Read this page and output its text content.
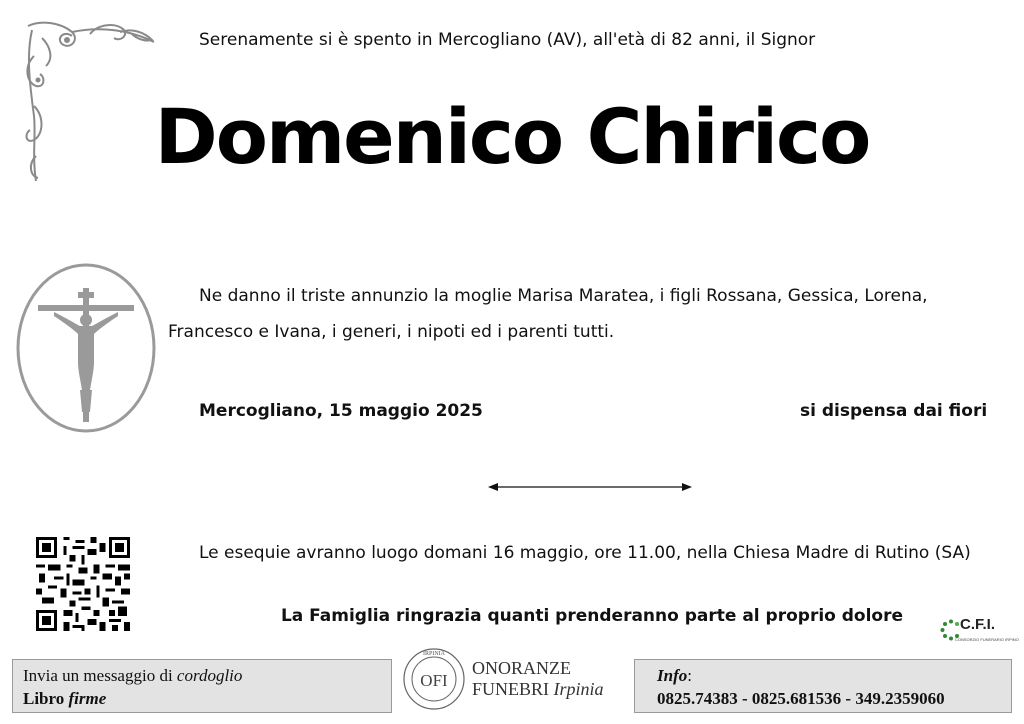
Serenamente si è spento in Mercogliano (AV), all'età di 82 anni, il Signor
Domenico Chirico
Ne danno il triste annunzio la moglie Marisa Maratea, i figli Rossana, Gessica, Lorena, Francesco e Ivana, i generi, i nipoti ed i parenti tutti.
Mercogliano, 15 maggio 2025	si dispensa dai fiori
Le esequie avranno luogo domani 16 maggio, ore 11.00, nella Chiesa Madre di Rutino (SA)
La Famiglia ringrazia quanti prenderanno parte al proprio dolore	C.F.I.
CONSORZIO FUNERARIO IRPINO
Invia un messaggio di cordoglio
Libro firme
OFI
IRPINIA
ONORANZE
FUNEBRI Irpinia
Info:
0825.74383 - 0825.681536 - 349.2359060
